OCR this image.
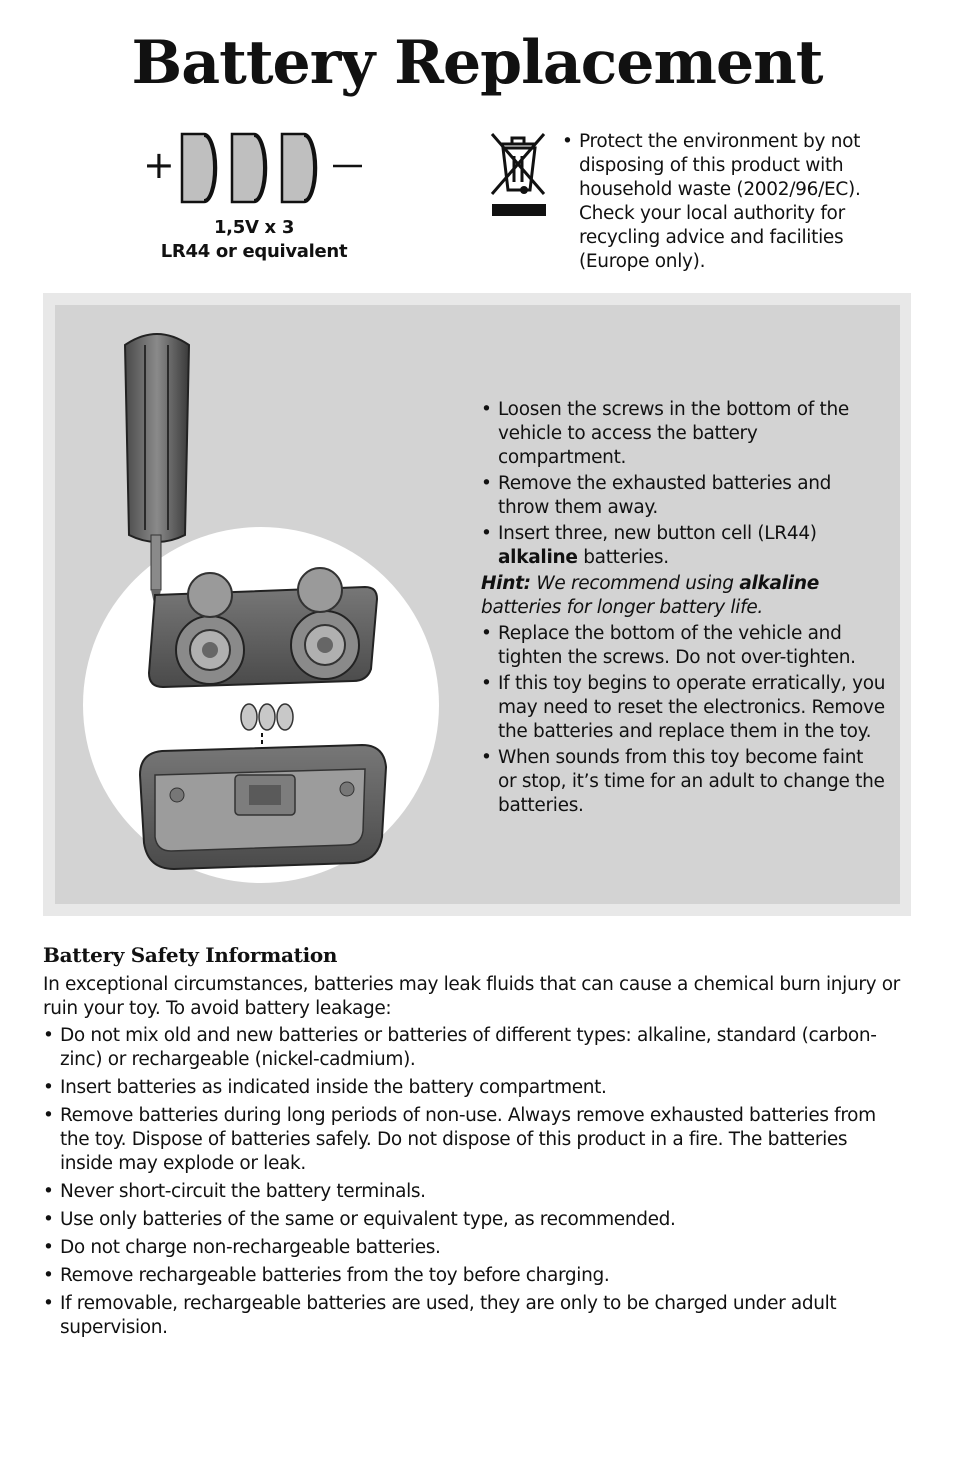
Battery Replacement
+
1,5V x 3
LR44 or equivalent
• Protect the environment by not disposing of this product with household waste (2002/96/EC). Check your local authority for recycling advice and facilities (Europe only).
• Loosen the screws in the bottom of the vehicle to access the battery compartment.
• Remove the exhausted batteries and throw them away.
• Insert three, new button cell (LR44)
alkaline batteries.
Hint: We recommend using alkaline
batteries for longer battery life.
• Replace the bottom of the vehicle and tighten the screws. Do not over-tighten.
• If this toy begins to operate erratically, you may need to reset the electronics. Remove the batteries and replace them in the toy.
• When sounds from this toy become faint or stop, it’s time for an adult to change the batteries.
Battery Safety Information
In exceptional circumstances, batteries may leak fluids that can cause a chemical burn injury or ruin your toy. To avoid battery leakage:
• Do not mix old and new batteries or batteries of different types: alkaline, standard (carbon-zinc) or rechargeable (nickel-cadmium).
• Insert batteries as indicated inside the battery compartment.
• Remove batteries during long periods of non-use. Always remove exhausted batteries from the toy. Dispose of batteries safely. Do not dispose of this product in a fire. The batteries inside may explode or leak.
• Never short-circuit the battery terminals.
• Use only batteries of the same or equivalent type, as recommended.
• Do not charge non-rechargeable batteries.
• Remove rechargeable batteries from the toy before charging.
• If removable, rechargeable batteries are used, they are only to be charged under adult supervision.
